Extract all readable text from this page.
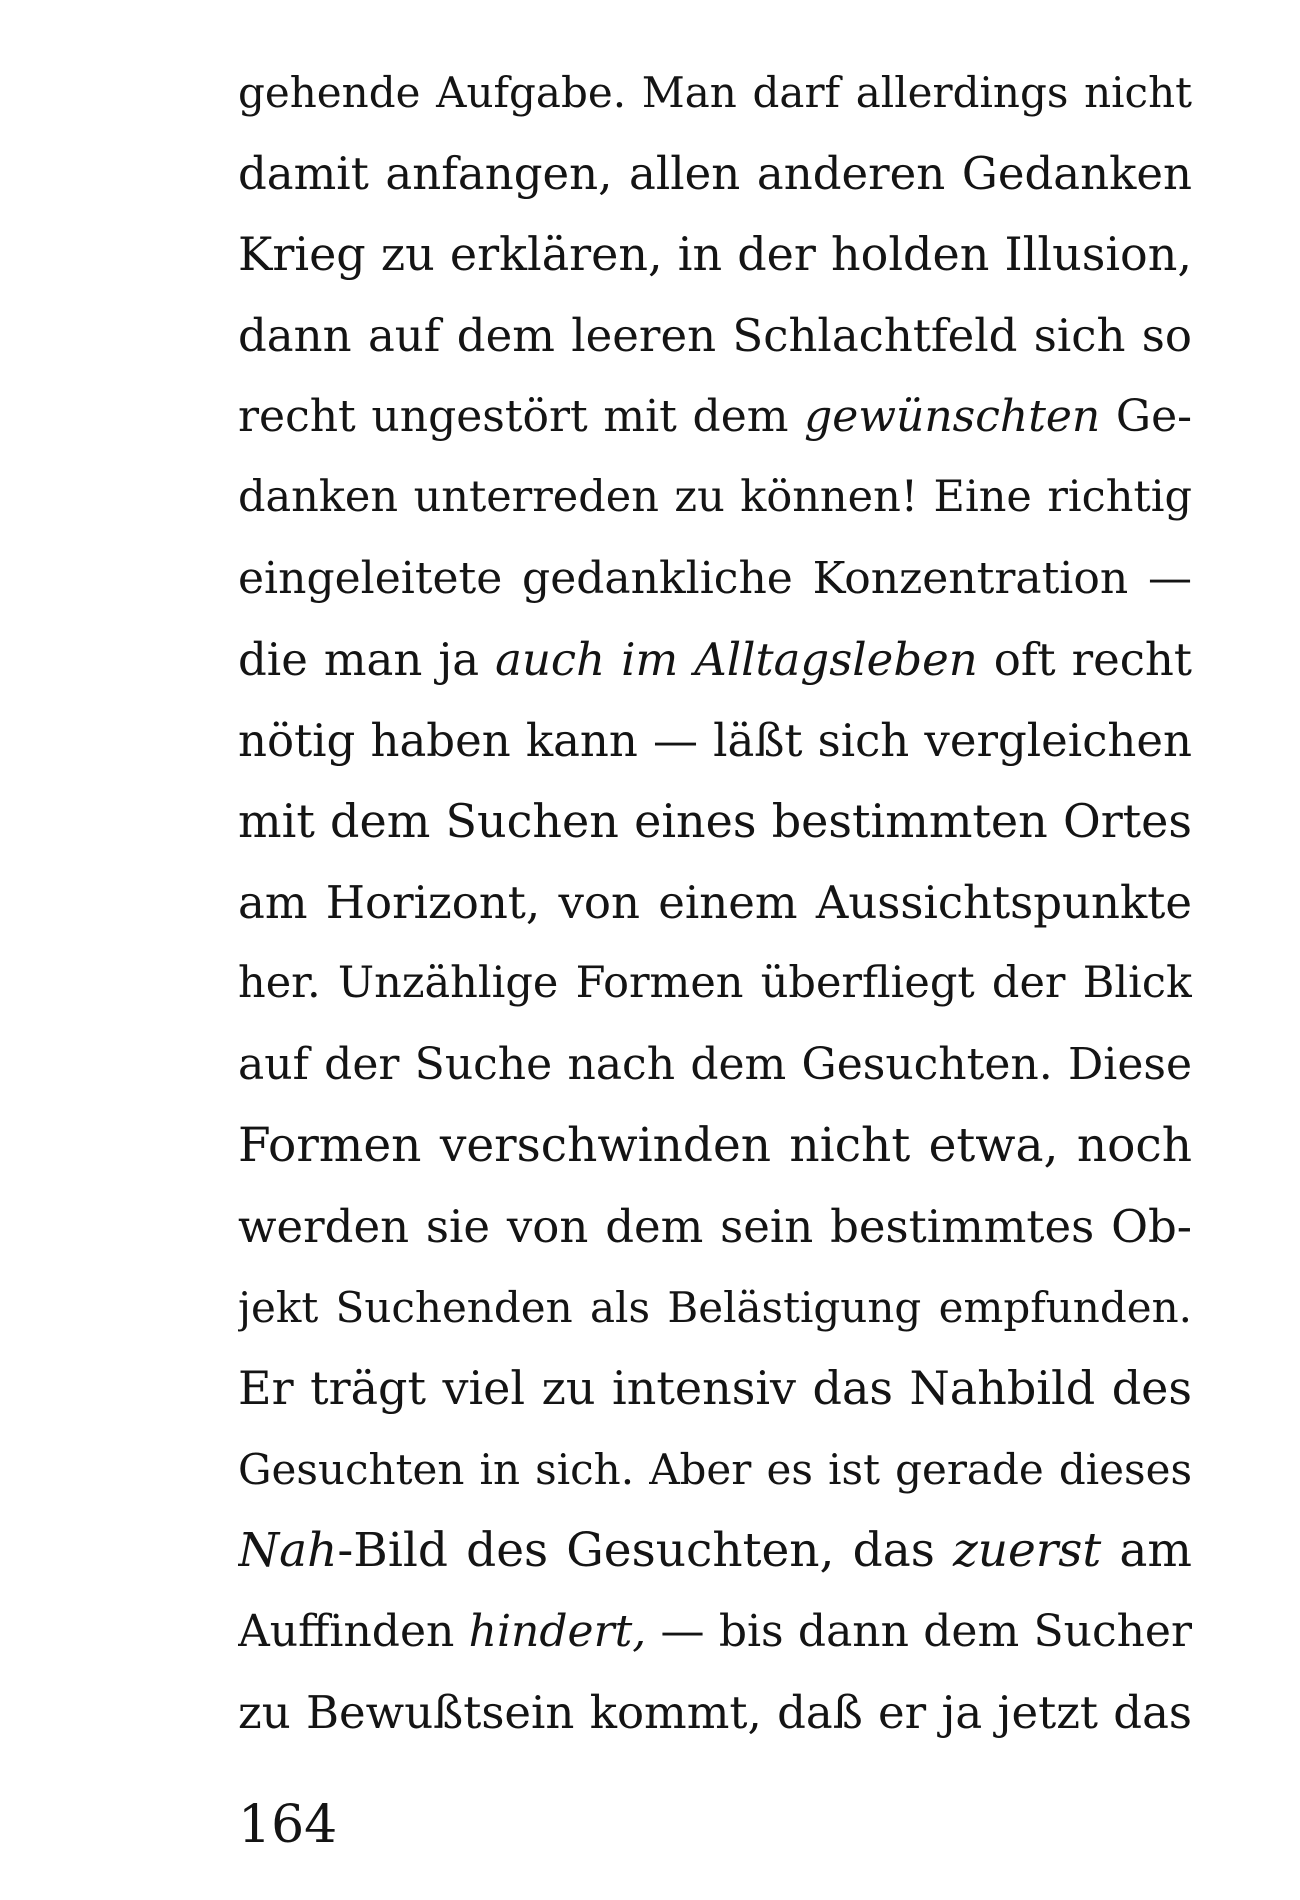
gehende Aufgabe. Man darf allerdings nicht
damit anfangen, allen anderen Gedanken
Krieg zu erklären, in der holden Illusion,
dann auf dem leeren Schlachtfeld sich so
recht ungestört mit dem gewünschten Ge-
danken unterreden zu können! Eine richtig
eingeleitete gedankliche Konzentration —
die man ja auch im Alltagsleben oft recht
nötig haben kann — läßt sich vergleichen
mit dem Suchen eines bestimmten Ortes
am Horizont, von einem Aussichtspunkte
her. Unzählige Formen überfliegt der Blick
auf der Suche nach dem Gesuchten. Diese
Formen verschwinden nicht etwa, noch
werden sie von dem sein bestimmtes Ob-
jekt Suchenden als Belästigung empfunden.
Er trägt viel zu intensiv das Nahbild des
Gesuchten in sich. Aber es ist gerade dieses
Nah-Bild des Gesuchten, das zuerst am
Auffinden hindert, — bis dann dem Sucher
zu Bewußtsein kommt, daß er ja jetzt das
164
